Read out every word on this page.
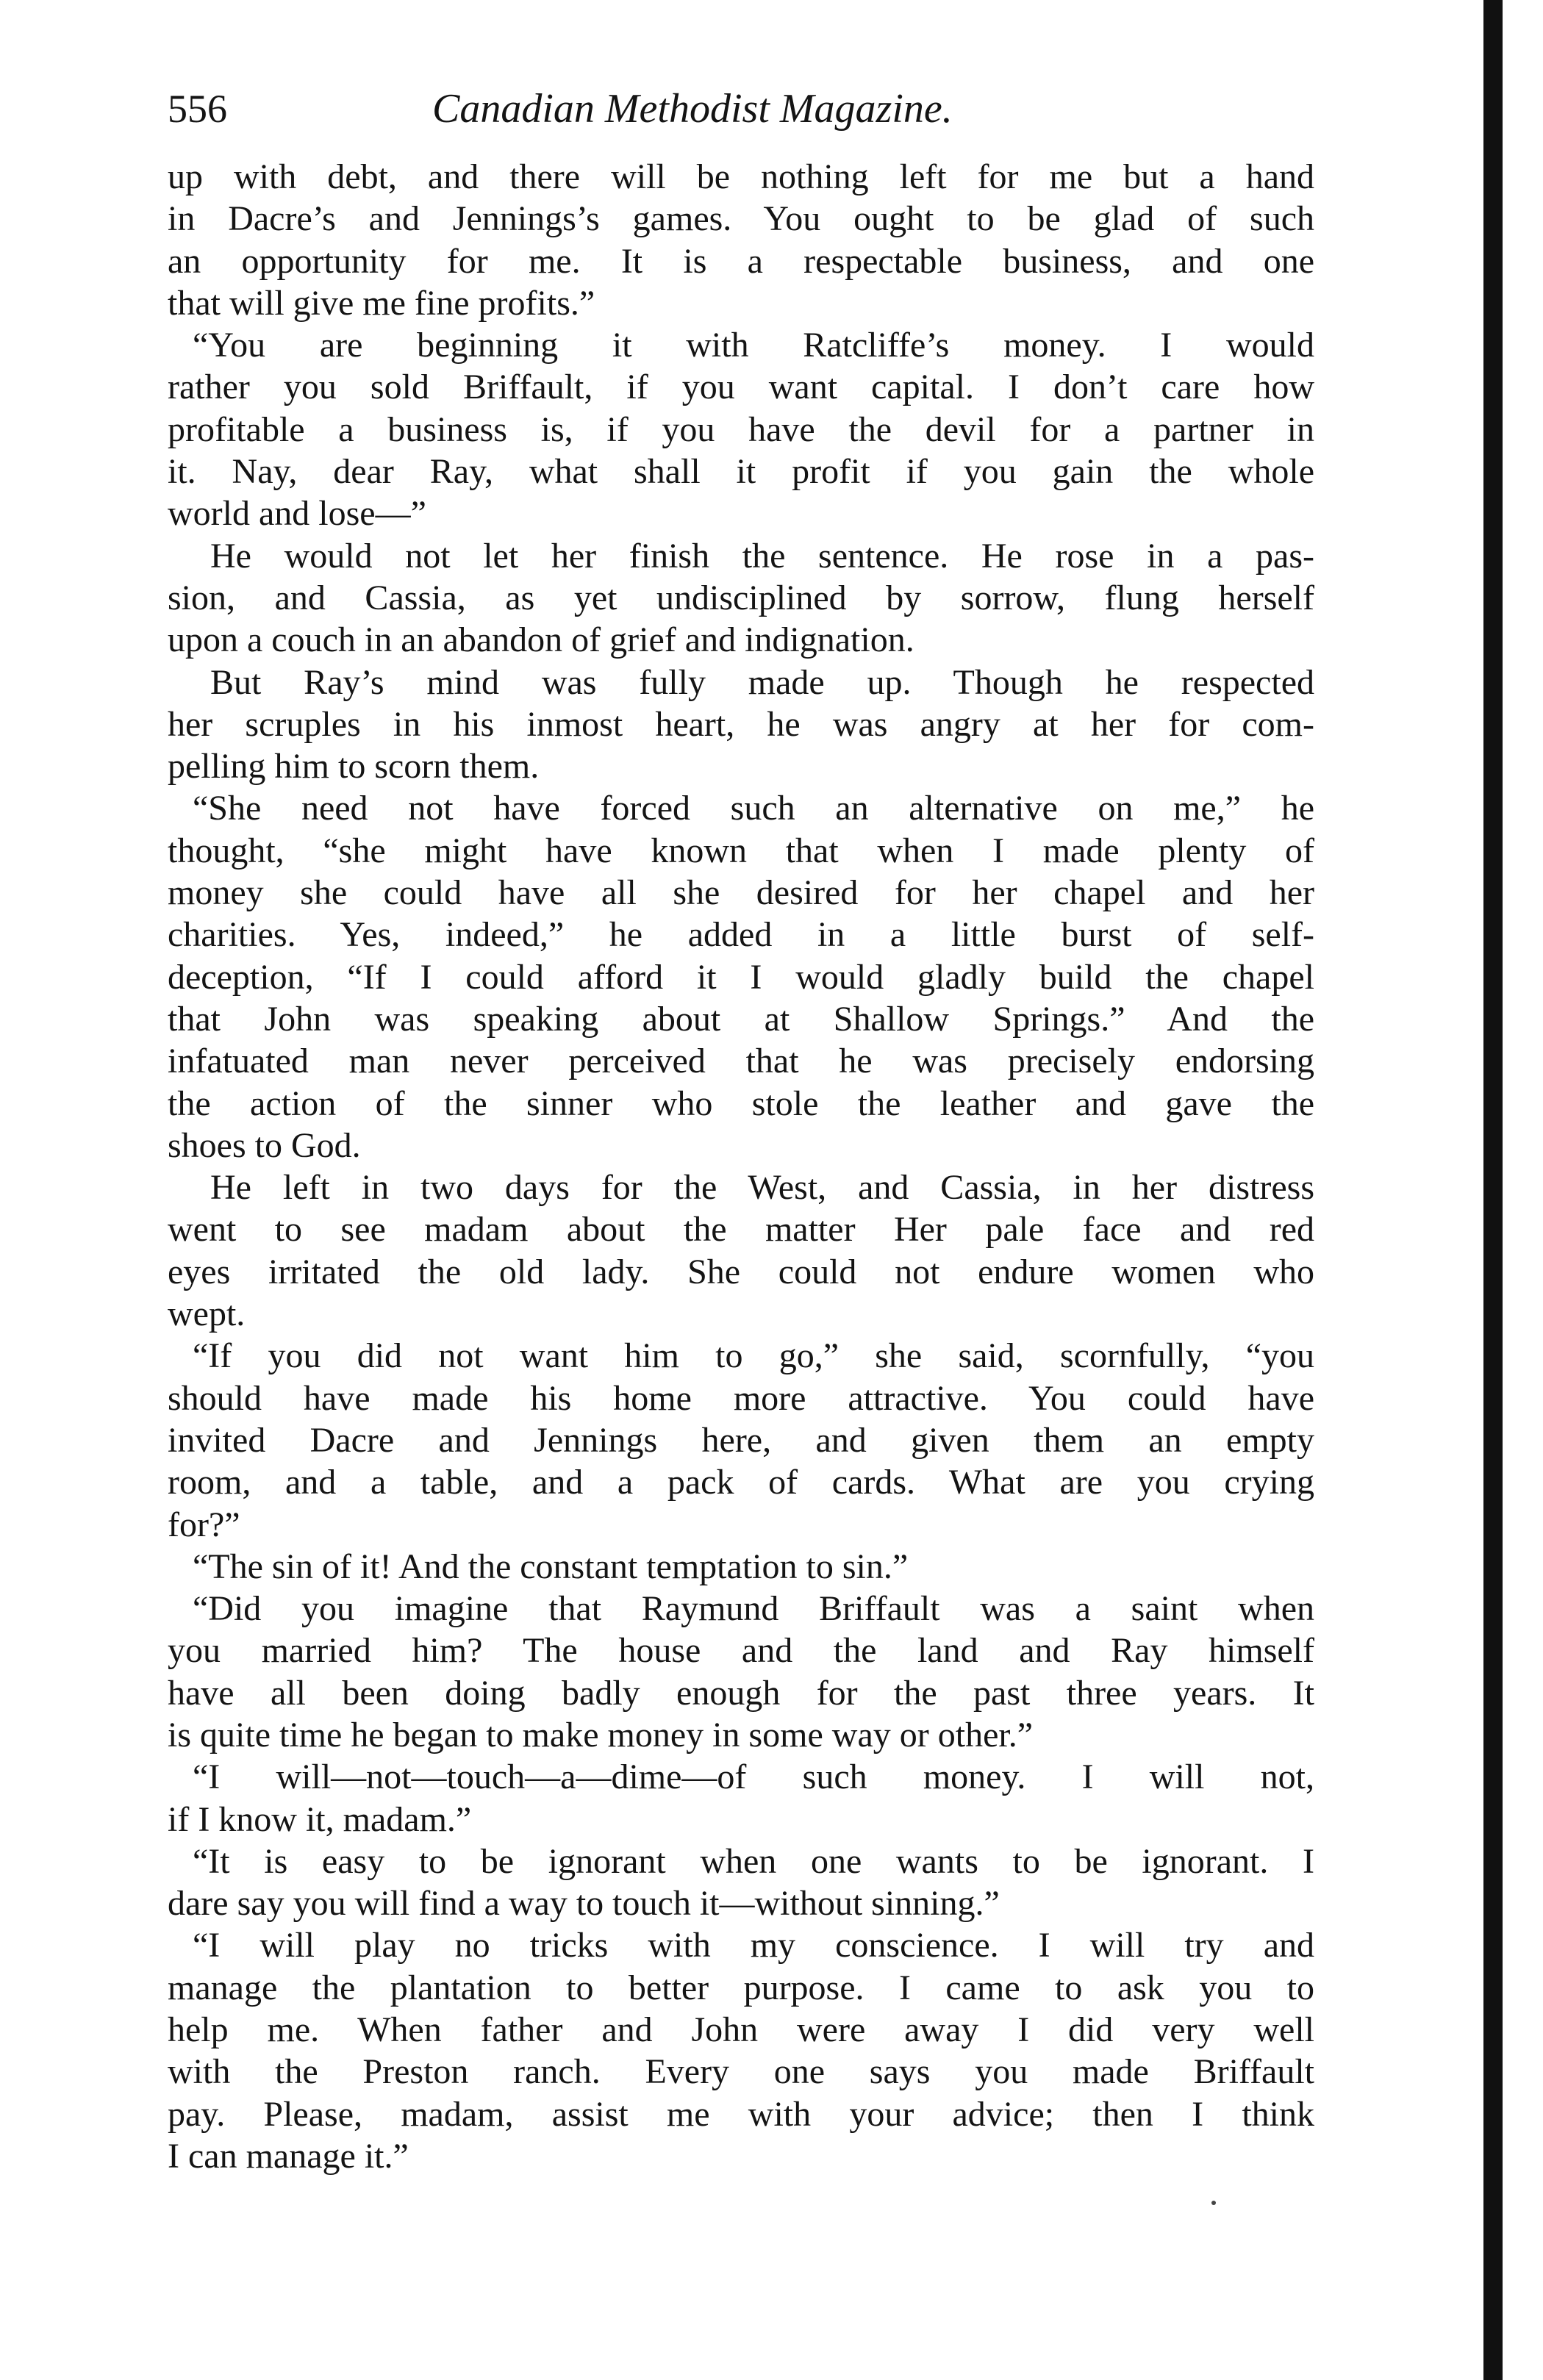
556	Canadian Methodist Magazine.
up with debt, and there will be nothing left for me but a hand
in Dacre’s and Jennings’s games. You ought to be glad of such
an opportunity for me. It is a respectable business, and one
that will give me fine profits.”
“You are beginning it with Ratcliffe’s money. I would
rather you sold Briffault, if you want capital. I don’t care how
profitable a business is, if you have the devil for a partner in
it. Nay, dear Ray, what shall it profit if you gain the whole
world and lose—”
He would not let her finish the sentence. He rose in a pas-
sion, and Cassia, as yet undisciplined by sorrow, flung herself
upon a couch in an abandon of grief and indignation.
But Ray’s mind was fully made up. Though he respected
her scruples in his inmost heart, he was angry at her for com-
pelling him to scorn them.
“She need not have forced such an alternative on me,” he
thought, “she might have known that when I made plenty of
money she could have all she desired for her chapel and her
charities. Yes, indeed,” he added in a little burst of self-
deception, “If I could afford it I would gladly build the chapel
that John was speaking about at Shallow Springs.” And the
infatuated man never perceived that he was precisely endorsing
the action of the sinner who stole the leather and gave the
shoes to God.
He left in two days for the West, and Cassia, in her distress
went to see madam about the matter Her pale face and red
eyes irritated the old lady. She could not endure women who
wept.
“If you did not want him to go,” she said, scornfully, “you
should have made his home more attractive. You could have
invited Dacre and Jennings here, and given them an empty
room, and a table, and a pack of cards. What are you crying
for?”
“The sin of it! And the constant temptation to sin.”
“Did you imagine that Raymund Briffault was a saint when
you married him? The house and the land and Ray himself
have all been doing badly enough for the past three years. It
is quite time he began to make money in some way or other.”
“I will—not—touch—a—dime—of such money. I will not,
if I know it, madam.”
“It is easy to be ignorant when one wants to be ignorant. I
dare say you will find a way to touch it—without sinning.”
“I will play no tricks with my conscience. I will try and
manage the plantation to better purpose. I came to ask you to
help me. When father and John were away I did very well
with the Preston ranch. Every one says you made Briffault
pay. Please, madam, assist me with your advice; then I think
I can manage it.”
